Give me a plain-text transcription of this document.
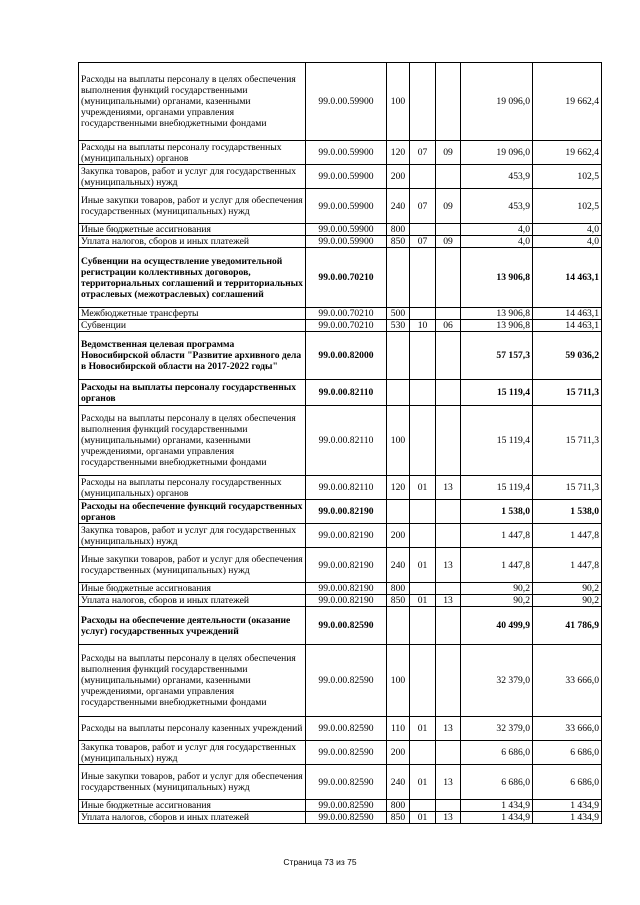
Расходы на выплаты персоналу в целях обеспечения выполнения функций государственными (муниципальными) органами, казенными учреждениями, органами управления государственными внебюджетными фондами	99.0.00.59900	100			19 096,0	19 662,4
Расходы на выплаты персоналу государственных (муниципальных) органов	99.0.00.59900	120	07	09	19 096,0	19 662,4
Закупка товаров, работ и услуг для государственных (муниципальных) нужд	99.0.00.59900	200			453,9	102,5
Иные закупки товаров, работ и услуг для обеспечения государственных (муниципальных) нужд	99.0.00.59900	240	07	09	453,9	102,5
Иные бюджетные ассигнования	99.0.00.59900	800			4,0	4,0
Уплата налогов, сборов и иных платежей	99.0.00.59900	850	07	09	4,0	4,0
Субвенции на осуществление уведомительной регистрации коллективных договоров, территориальных соглашений и территориальных отраслевых (межотраслевых) соглашений	99.0.00.70210				13 906,8	14 463,1
Межбюджетные трансферты	99.0.00.70210	500			13 906,8	14 463,1
Субвенции	99.0.00.70210	530	10	06	13 906,8	14 463,1
Ведомственная целевая программа Новосибирской области "Развитие архивного дела в Новосибирской области на 2017-2022 годы"	99.0.00.82000				57 157,3	59 036,2
Расходы на выплаты персоналу государственных органов	99.0.00.82110				15 119,4	15 711,3
Расходы на выплаты персоналу в целях обеспечения выполнения функций государственными (муниципальными) органами, казенными учреждениями, органами управления государственными внебюджетными фондами	99.0.00.82110	100			15 119,4	15 711,3
Расходы на выплаты персоналу государственных (муниципальных) органов	99.0.00.82110	120	01	13	15 119,4	15 711,3
Расходы на обеспечение функций государственных органов	99.0.00.82190				1 538,0	1 538,0
Закупка товаров, работ и услуг для государственных (муниципальных) нужд	99.0.00.82190	200			1 447,8	1 447,8
Иные закупки товаров, работ и услуг для обеспечения государственных (муниципальных) нужд	99.0.00.82190	240	01	13	1 447,8	1 447,8
Иные бюджетные ассигнования	99.0.00.82190	800			90,2	90,2
Уплата налогов, сборов и иных платежей	99.0.00.82190	850	01	13	90,2	90,2
Расходы на обеспечение деятельности (оказание услуг) государственных учреждений	99.0.00.82590				40 499,9	41 786,9
Расходы на выплаты персоналу в целях обеспечения выполнения функций государственными (муниципальными) органами, казенными учреждениями, органами управления государственными внебюджетными фондами	99.0.00.82590	100			32 379,0	33 666,0
Расходы на выплаты персоналу казенных учреждений	99.0.00.82590	110	01	13	32 379,0	33 666,0
Закупка товаров, работ и услуг для государственных (муниципальных) нужд	99.0.00.82590	200			6 686,0	6 686,0
Иные закупки товаров, работ и услуг для обеспечения государственных (муниципальных) нужд	99.0.00.82590	240	01	13	6 686,0	6 686,0
Иные бюджетные ассигнования	99.0.00.82590	800			1 434,9	1 434,9
Уплата налогов, сборов и иных платежей	99.0.00.82590	850	01	13	1 434,9	1 434,9
Страница 73 из 75
